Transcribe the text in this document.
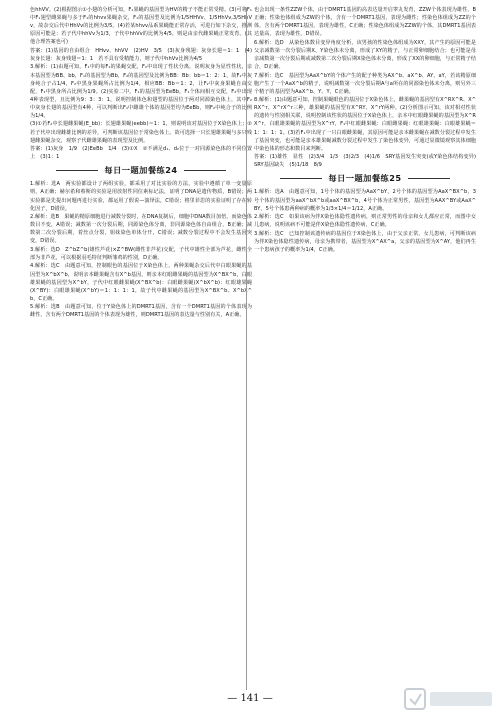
色hhVV。(2)根据图示①小翅的分析可知，F₁果蝇的基因型为HV的精子不能正常受精。(3)可将F₁中F₁翅型雌果蝇与多于F₁的hhvv果蝇杂交，F₁的基因型及比例为1/5HHVv、1/5HhVv,3/5HhVv，故杂交后代中HhVv的比例为3/5。(4)若某hhvv品系果蝇能正常存活，可进行如下杂交，推测原因可能是：若子代中hhVv为1/3，子代中hhVv的比例为4/5，则是由亲代雌果蝇正常发育。(其他合理答案也可)

答案：(1)基因的自由组合　HHvv、hhVV　(2)HV　3/5　(3)灰身残翅：灰身长翅＝1：1　(4)灰身长翅：灰身残翅＝1：1　若不具有受精能力，则子代中hhVv比例为4/5

3.解析：(1)由题可知，F₁中的每F₁的果蝇交配，F₂中出现了性状分离，说明灰身为显性性状，亲本基因型为BB、bb，F₁的基因型为Bb，F₂的基因型及比例为BB：Bb：bb＝1：2：1，故F₂中灰身纯合子占1/4，F₂中黑身果蝇所占比例为1/4，相应BB：Bb＝1：2，让F₂中灰身果蝇自由交配，F₃中黑身所占比例为1/9。(2)实验二中，F₁的基因型为EeBb，F₁个体间相互交配，F₂中出现4种表现型，且比例为9：3：3：1，说明控制体色和翅型的基因位于两对同源染色体上，其中F₂中灰身长翅的基因型有4种，可以判断出F₁中雌雄个体的基因型均为EeBb，则F₂中纯合子的比例为1/4。

(3)①若F₂中长翅雌果蝇(E_bb)：长翅雄果蝇(eebb)＝1：1，则说明该对基因位于X染色体上；②若子代中出现雌雄比例的差异，可判断该基因位于常染色体上。故可选择一只长翅雄果蝇与多只残翅雌果蝇杂交，观察子代雌雄果蝇的表现型及比例。

答案：(1)灰身　1/9　(2)EeBb　1/4　(3)①X　②不满足d₁、d₂位于一对同源染色体的不同位置上　(3)1：1

每日一题加餐练24

1.解析：选A　两实验都设计了两组实验，都采用了对比实验的方法，实验中遵循了单一变量原则，A正确；赫尔希和蔡斯的实验是用放射性同位素标记法，证明了DNA是遗传物质，B错误；两实验都是先提出问题再进行实验，都运用了假说—演绎法，C错误；格里菲思的实验证明了存在转化因子，D错误。

2.解析：选B　果蝇的精原细胞进行减数分裂时，在DNA复制后，细胞中DNA数目加倍，而染色体数目不变，A错误；减数第一次分裂后期，同源染色体分离，非同源染色体自由组合，B正确；减数第二次分裂后期，着丝点分裂，姐妹染色单体分开，C错误；减数分裂过程中不会发生基因突变，D错误。

3.解析：选D　Z^bZ^b(雄性芦花)×Z^BW(雌性非芦花)交配，子代中雄性全部为芦花，雌性全部为非芦花，可以根据羽毛特征判断雏鸡的性别，D正确。

4.解析：选C　由题意可知，控制眼色的基因位于X染色体上，两种果蝇杂交后代中白眼果蝇的基因型为X^bX^b，说明亲本雌果蝇含有X^b基因，则亲本红眼雌果蝇的基因型为X^BX^b，白眼雄果蝇的基因型为X^bY，子代中红眼雌果蝇(X^BX^b)：白眼雌果蝇(X^bX^b)：红眼雄果蝇(X^BY)：白眼雄果蝇(X^bY)＝1：1：1：1，故子代中雌果蝇的基因型为X^BX^b、X^bX^b，C正确。

5.解析：选B　由题意可知，位于Y染色体上的DMRT1基因，含有一个DMRT1基因的个体表现为雌性，含有两个DMRT1基因的个体表现为雄性，则DMRT1基因的表达量与性别有关，A正确。

也会出现一条性ZZW个体，由于DMRT1基因的高表达量开启睾丸发育，ZZW个体表现为雄性，B正确；性染色体组成为ZW的个体，含有一个DMRT1基因，表现为雌性；性染色体组成为ZZ的个体，含有两个DMRT1基因，表现为雄性，C正确；性染色体组成为ZZW的个体，其DMRT1基因表达量高，表现为雄性，D错误。

6.解析：选D　从染色体数目变异角度分析，该男孩的性染色体组成为XXY，其产生的原因可能是父亲减数第一次分裂后期X、Y染色体未分离，形成了XY的精子，与正常卵细胞结合；也可能是母亲减数第一次分裂后期或减数第二次分裂后期X染色体未分离，形成了XX的卵细胞，与正常精子结合，D正确。

7.解析：选C　基因型为AaX^bY的个体产生的配子种类为AX^b、aX^b、AY、aY，若该精原细胞产生了一个AaX^b的精子，说明减数第一次分裂后期A与a所在的同源染色体未分离，则另外三个精子的基因型为AaX^b、Y、Y，C正确。

8.解析：(1)由题意可知，控制果蝇眼色的基因位于X染色体上，雌果蝇的基因型有X^RX^R、X^RX^r、X^rX^r三种，雄果蝇的基因型有X^RY、X^rY两种。(2)分析图示可知，该对相对性状的遗传与性别相关联，说明控制该性状的基因位于X染色体上，亲本中红眼雌果蝇的基因型为X^RX^r，白眼雄果蝇的基因型为X^rY，F₁中红眼雌果蝇：白眼雌果蝇：红眼雄果蝇：白眼雄果蝇＝1：1：1：1。(3)若F₁中出现了一只白眼雌果蝇，其原因可能是亲本雌果蝇在减数分裂过程中发生了基因突变，也可能是亲本雄果蝇减数分裂过程中发生了染色体变异，可通过显微镜观察其体细胞中染色体的形态和数目来判断。

答案：(1)雄性　显性　(2)3/4　1/3　(3)2/3　(4)1/6　SRY基因发生突变(或Y染色体结构变异)　SRY基因缺失　(5)1/18　8/9

每日一题加餐练25

1.解析：选A　由题意可知，1号个体的基因型为AaX^bY，2号个体的基因型为AaX^BX^b，3号个体的基因型为aaX^bX^b或aaX^BX^b，4号个体为正常男性，基因型为AAX^BY或AaX^BY，5号个体患两种病的概率为1/3×1/4＝1/12，A正确。

2.解析：选C　如果该病为伴X染色体隐性遗传病，则正常男性的母亲和女儿都应正常，而图中女儿患病，说明该病不可能是伴X染色体隐性遗传病，C正确。

3.解析：选C　已知控制该遗传病的基因位于X染色体上，由于父亲正常，女儿患病，可判断该病为伴X染色体隐性遗传病，母亲为携带者，基因型为X^AX^a，父亲的基因型为X^AY，他们再生一个患病孩子的概率为1/4，C正确。

— 141 —
